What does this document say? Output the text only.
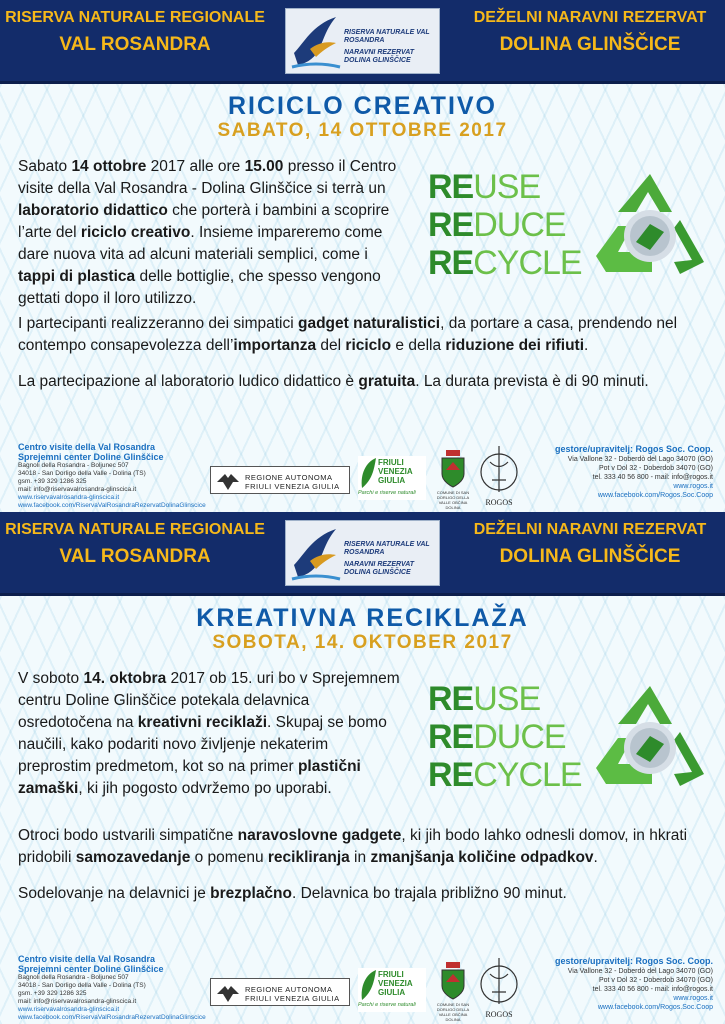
RISERVA NATURALE REGIONALE
VAL ROSANDRA
RISERVA NATURALE VAL ROSANDRA
NARAVNI REZERVAT DOLINA GLINŠČICE
DEŽELNI NARAVNI REZERVAT
DOLINA GLINŠČICE
RICICLO CREATIVO
SABATO, 14 OTTOBRE 2017
Sabato 14 ottobre 2017 alle ore 15.00 presso il Centro visite della Val Rosandra - Dolina Glinščice si terrà un laboratorio didattico che porterà i bambini a scoprire l’arte del riciclo creativo. Insieme impareremo come dare nuova vita ad alcuni materiali semplici, come i tappi di plastica delle bottiglie, che spesso vengono gettati dopo il loro utilizzo.
REUSE
REDUCE
RECYCLE
I partecipanti realizzeranno dei simpatici gadget naturalistici, da portare a casa, prendendo nel contempo consapevolezza dell’importanza del riciclo e della riduzione dei rifiuti.
La partecipazione al laboratorio ludico didattico è gratuita. La durata prevista è di 90 minuti.
Centro visite della Val Rosandra
Sprejemni center Doline Glinščice
Bagnoli della Rosandra - Boljunec 507
34018 - San Dorligo della Valle - Dolina (TS)
gsm. +39 329 1286 325
mail: info@riservavalrosandra-glinscica.it
www.riservavalrosandra-glinscica.it
www.facebook.com/RiservaValRosandraRezervatDolinaGlinscice
REGIONE AUTONOMA
FRIULI VENEZIA GIULIA
FRIULI
VENEZIA
GIULIA
Parchi e riserve naturali	COMUNE DI SAN DORLIGO DELLA VALLE OBČINA DOLINA
ROGOS
gestore/upravitelj: Rogos Soc. Coop.
Via Vallone 32 - Doberdò del Lago 34070 (GO)
Pot v Dol 32 - Doberdob 34070 (GO)
tel. 333 40 56 800 - mail: info@rogos.it
www.rogos.it
www.facebook.com/Rogos.Soc.Coop
RISERVA NATURALE REGIONALE
VAL ROSANDRA
RISERVA NATURALE VAL ROSANDRA
NARAVNI REZERVAT DOLINA GLINŠČICE
DEŽELNI NARAVNI REZERVAT
DOLINA GLINŠČICE
KREATIVNA RECIKLAŽA
SOBOTA, 14. OKTOBER 2017
V soboto 14. oktobra 2017 ob 15. uri bo v Sprejemnem centru Doline Glinščice potekala delavnica osredotočena na kreativni reciklaži. Skupaj se bomo naučili, kako podariti novo življenje nekaterim preprostim predmetom, kot so na primer plastični zamaški, ki jih pogosto odvržemo po uporabi.
REUSE
REDUCE
RECYCLE
Otroci bodo ustvarili simpatične naravoslovne gadgete, ki jih bodo lahko odnesli domov, in hkrati pridobili samozavedanje o pomenu recikliranja in zmanjšanja količine odpadkov.
Sodelovanje na delavnici je brezplačno. Delavnica bo trajala približno 90 minut.
Centro visite della Val Rosandra
Sprejemni center Doline Glinščice
Bagnoli della Rosandra - Boljunec 507
34018 - San Dorligo della Valle - Dolina (TS)
gsm. +39 329 1286 325
mail: info@riservavalrosandra-glinscica.it
www.riservavalrosandra-glinscica.it
www.facebook.com/RiservaValRosandraRezervatDolinaGlinscice
REGIONE AUTONOMA
FRIULI VENEZIA GIULIA
FRIULI
VENEZIA
GIULIA
Parchi e riserve naturali	COMUNE DI SAN DORLIGO DELLA VALLE OBČINA DOLINA
ROGOS
gestore/upravitelj: Rogos Soc. Coop.
Via Vallone 32 - Doberdò del Lago 34070 (GO)
Pot v Dol 32 - Doberdob 34070 (GO)
tel. 333 40 56 800 - mail: info@rogos.it
www.rogos.it
www.facebook.com/Rogos.Soc.Coop
